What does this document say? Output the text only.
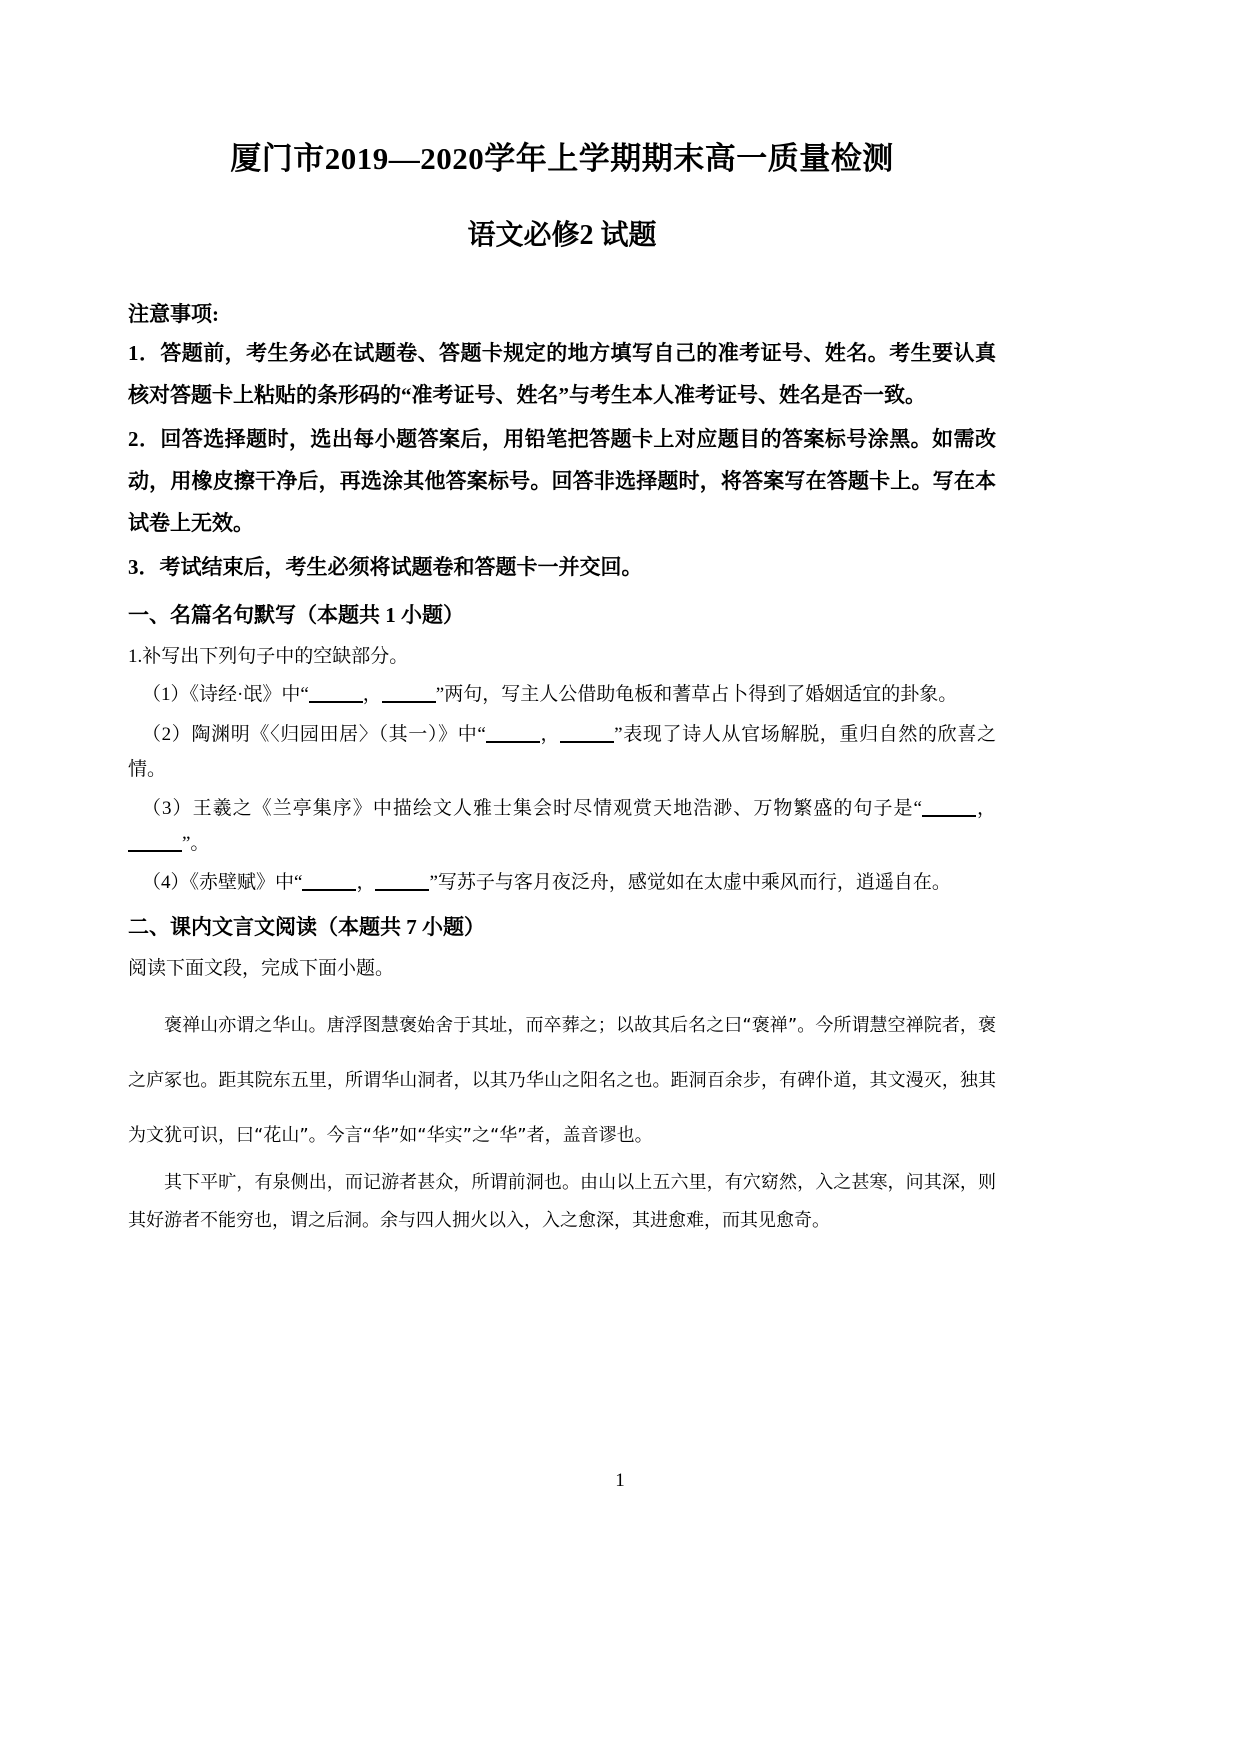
厦门市2019—2020学年上学期期末高一质量检测
语文必修2 试题
注意事项:
1．答题前，考生务必在试题卷、答题卡规定的地方填写自己的准考证号、姓名。考生要认真核对答题卡上粘贴的条形码的“准考证号、姓名”与考生本人准考证号、姓名是否一致。
2．回答选择题时，选出每小题答案后，用铅笔把答题卡上对应题目的答案标号涂黑。如需改动，用橡皮擦干净后，再选涂其他答案标号。回答非选择题时，将答案写在答题卡上。写在本试卷上无效。
3．考试结束后，考生必须将试题卷和答题卡一并交回。
一、名篇名句默写（本题共 1 小题）
1.补写出下列句子中的空缺部分。
（1）《诗经·氓》中“	，	”两句，写主人公借助龟板和蓍草占卜得到了婚姻适宜的卦象。
（2）陶渊明《〈归园田居〉（其一）》中“	，	”表现了诗人从官场解脱，重归自然的欣喜之情。
（3）王羲之《兰亭集序》中描绘文人雅士集会时尽情观赏天地浩渺、万物繁盛的句子是“	，”。
（4）《赤壁赋》中“	，	”写苏子与客月夜泛舟，感觉如在太虚中乘风而行，逍遥自在。
二、课内文言文阅读（本题共 7 小题）
阅读下面文段，完成下面小题。
褒禅山亦谓之华山。唐浮图慧褒始舍于其址，而卒葬之；以故其后名之曰“褒禅”。今所谓慧空禅院者，褒之庐冢也。距其院东五里，所谓华山洞者，以其乃华山之阳名之也。距洞百余步，有碑仆道，其文漫灭，独其为文犹可识，曰“花山”。今言“华”如“华实”之“华”者，盖音谬也。
其下平旷，有泉侧出，而记游者甚众，所谓前洞也。由山以上五六里，有穴窈然，入之甚寒，问其深，则其好游者不能穷也，谓之后洞。余与四人拥火以入，入之愈深，其进愈难，而其见愈奇。
1
